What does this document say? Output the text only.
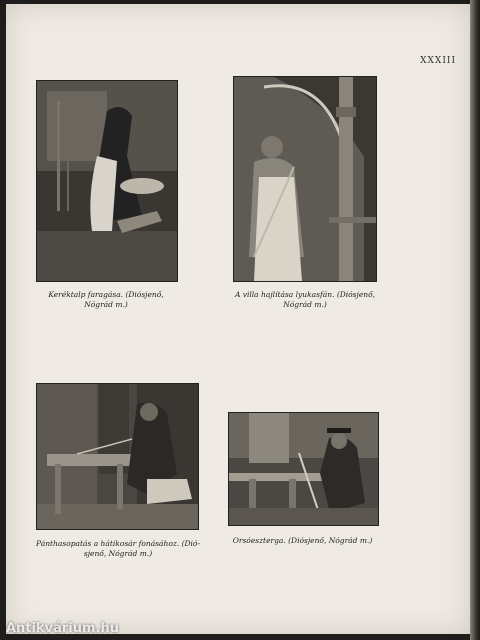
XXXIII
Keréktalp faragása. (Diósjenő,
Nógrád m.)
A villa hajlítása lyukasfán. (Diósjenő,
Nógrád m.)
Pánthasopatás a hátikosár fonásához. (Dió-
sjenő, Nógrád m.)
Orsóesztergа. (Diósjenő, Nógrád m.)
Antikvárium.hu
